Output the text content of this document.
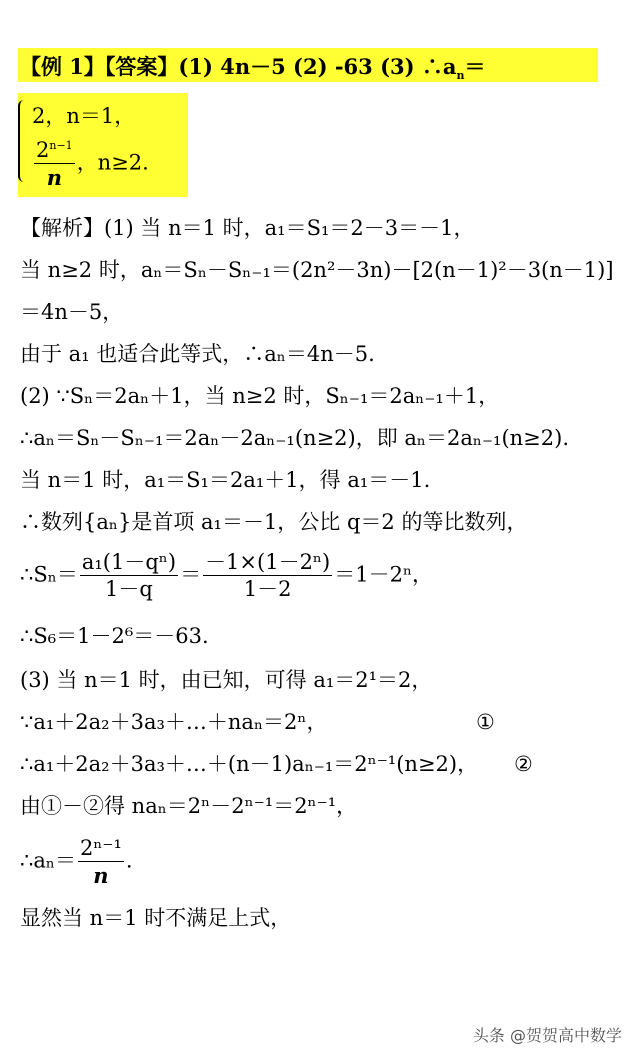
【例 1】【答案】(1) 4n－5 (2) -63 (3) $\therefore a_n=$
2，n＝1，
$\frac{2^{n-1}}{n}$ ，n≥2.
【解析】(1) 当 n＝1 时，a₁＝S₁＝2－3＝－1，
当 n≥2 时，aₙ＝Sₙ－Sₙ₋₁＝(2n²－3n)－[2(n－1)²－3(n－1)]
＝4n－5，
由于 a₁ 也适合此等式，∴aₙ＝4n－5.
(2) ∵Sₙ＝2aₙ＋1，当 n≥2 时，Sₙ₋₁＝2aₙ₋₁＋1，
∴aₙ＝Sₙ－Sₙ₋₁＝2aₙ－2aₙ₋₁(n≥2)，即 aₙ＝2aₙ₋₁(n≥2).
当 n＝1 时，a₁＝S₁＝2a₁＋1，得 a₁＝－1.
∴数列{aₙ}是首项 a₁＝－1，公比 q＝2 的等比数列，
∴Sₙ＝ $\frac{\text{a₁(1－qⁿ)}}{1-q} = \frac{\text{－1×(1－2ⁿ)}}{1-2} =1-2^n$，
∴S₆＝1－2⁶＝－63.
(3) 当 n＝1 时，由已知，可得 a₁＝2¹＝2，
∵a₁＋2a₂＋3a₃＋…＋naₙ＝2ⁿ，	①
∴a₁＋2a₂＋3a₃＋…＋(n－1)aₙ₋₁＝2ⁿ⁻¹(n≥2)， ②
由①－②得 naₙ＝2ⁿ－2ⁿ⁻¹＝2ⁿ⁻¹，
∴aₙ＝ $\frac{\text{2ⁿ⁻¹}}{n}$ .
显然当 n＝1 时不满足上式，
头条 @贺贺高中数学
